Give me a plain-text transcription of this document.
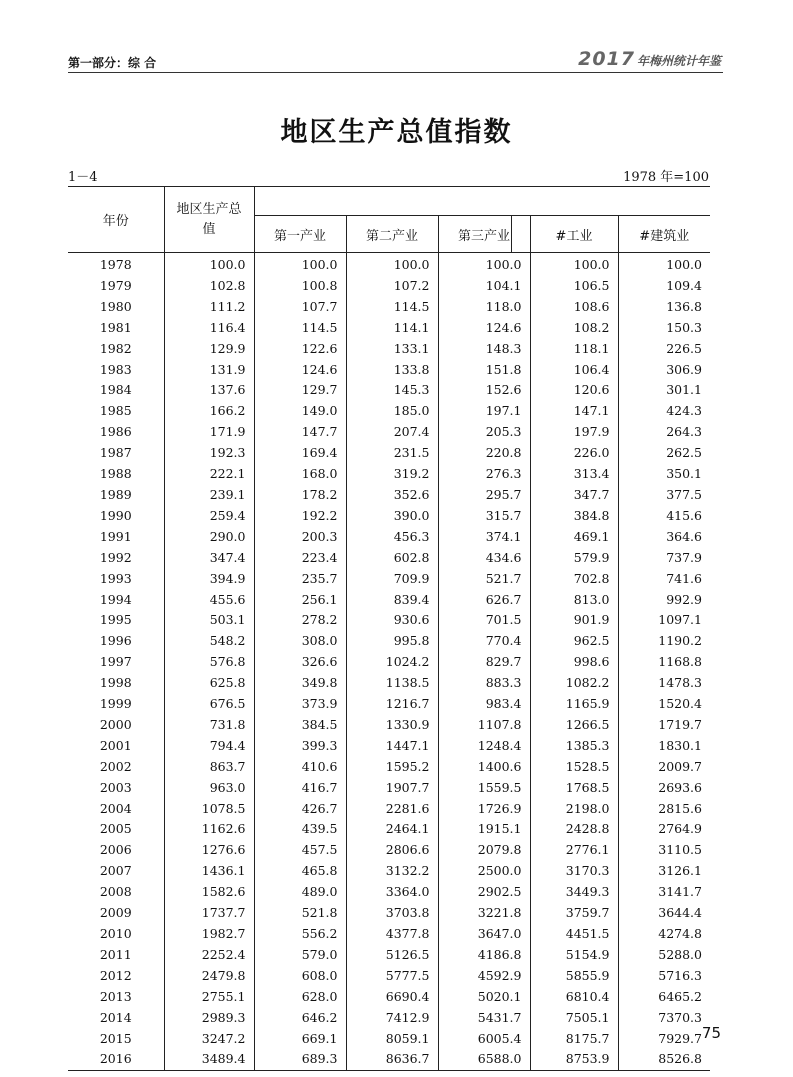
第一部分：综 合	2017 年梅州统计年鉴
地区生产总值指数
1－4	1978 年=100
年份	地区生产总值					

		第一产业	第二产业	第三产业	#工业	#建筑业
1978	100.0	100.0	100.0	100.0	100.0	100.0
1979	102.8	100.8	107.2	104.1	106.5	109.4
1980	111.2	107.7	114.5	118.0	108.6	136.8
1981	116.4	114.5	114.1	124.6	108.2	150.3
1982	129.9	122.6	133.1	148.3	118.1	226.5
1983	131.9	124.6	133.8	151.8	106.4	306.9
1984	137.6	129.7	145.3	152.6	120.6	301.1
1985	166.2	149.0	185.0	197.1	147.1	424.3
1986	171.9	147.7	207.4	205.3	197.9	264.3
1987	192.3	169.4	231.5	220.8	226.0	262.5
1988	222.1	168.0	319.2	276.3	313.4	350.1
1989	239.1	178.2	352.6	295.7	347.7	377.5
1990	259.4	192.2	390.0	315.7	384.8	415.6
1991	290.0	200.3	456.3	374.1	469.1	364.6
1992	347.4	223.4	602.8	434.6	579.9	737.9
1993	394.9	235.7	709.9	521.7	702.8	741.6
1994	455.6	256.1	839.4	626.7	813.0	992.9
1995	503.1	278.2	930.6	701.5	901.9	1097.1
1996	548.2	308.0	995.8	770.4	962.5	1190.2
1997	576.8	326.6	1024.2	829.7	998.6	1168.8
1998	625.8	349.8	1138.5	883.3	1082.2	1478.3
1999	676.5	373.9	1216.7	983.4	1165.9	1520.4
2000	731.8	384.5	1330.9	1107.8	1266.5	1719.7
2001	794.4	399.3	1447.1	1248.4	1385.3	1830.1
2002	863.7	410.6	1595.2	1400.6	1528.5	2009.7
2003	963.0	416.7	1907.7	1559.5	1768.5	2693.6
2004	1078.5	426.7	2281.6	1726.9	2198.0	2815.6
2005	1162.6	439.5	2464.1	1915.1	2428.8	2764.9
2006	1276.6	457.5	2806.6	2079.8	2776.1	3110.5
2007	1436.1	465.8	3132.2	2500.0	3170.3	3126.1
2008	1582.6	489.0	3364.0	2902.5	3449.3	3141.7
2009	1737.7	521.8	3703.8	3221.8	3759.7	3644.4
2010	1982.7	556.2	4377.8	3647.0	4451.5	4274.8
2011	2252.4	579.0	5126.5	4186.8	5154.9	5288.0
2012	2479.8	608.0	5777.5	4592.9	5855.9	5716.3
2013	2755.1	628.0	6690.4	5020.1	6810.4	6465.2
2014	2989.3	646.2	7412.9	5431.7	7505.1	7370.3
2015	3247.2	669.1	8059.1	6005.4	8175.7	7929.7
2016	3489.4	689.3	8636.7	6588.0	8753.9	8526.8
75
